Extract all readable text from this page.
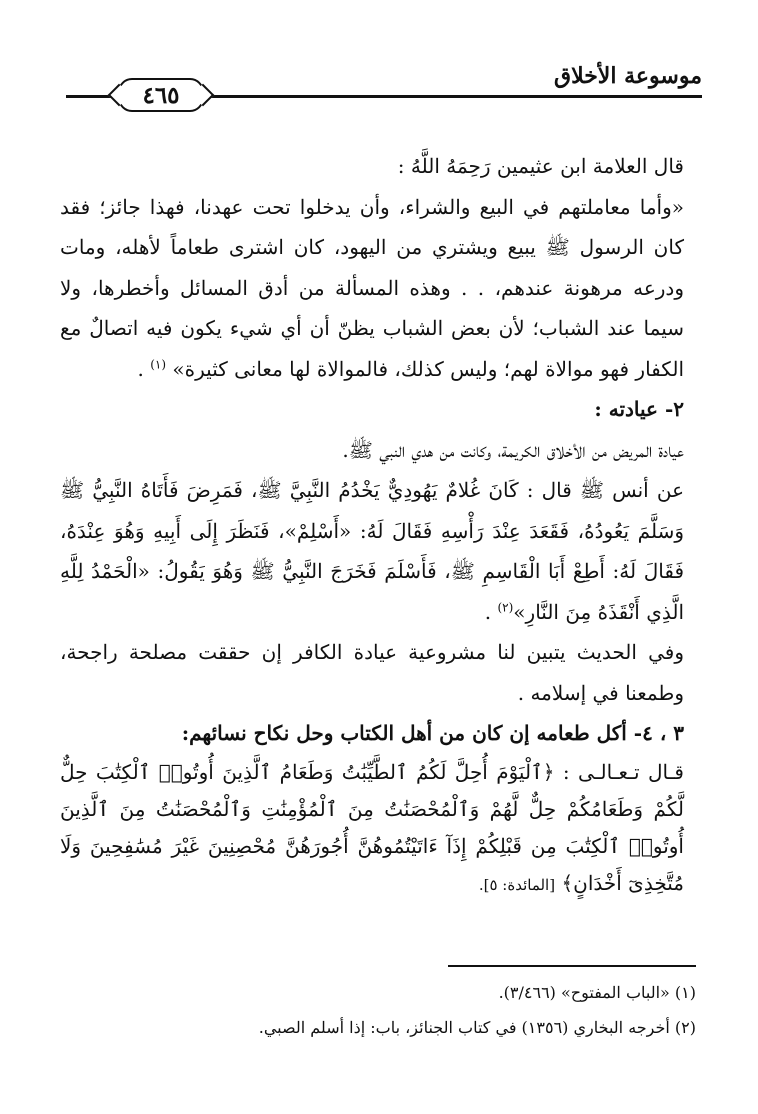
موسوعة الأخلاق
٤٦٥

قال العلامة ابن عثيمين رَحِمَهُ اللَّهُ :

«وأما معاملتهم في البيع والشراء، وأن يدخلوا تحت عهدنا، فهذا جائز؛ فقد كان الرسول ﷺ يبيع ويشتري من اليهود، كان اشترى طعاماً لأهله، ومات ودرعه مرهونة عندهم، . . وهذه المسألة من أدق المسائل وأخطرها، ولا سيما عند الشباب؛ لأن بعض الشباب يظنّ أن أي شيء يكون فيه اتصالٌ مع الكفار فهو موالاة لهم؛ وليس كذلك، فالموالاة لها معانى كثيرة» $^{(١)}$ .

٢- عيادته :

عيادة المريض من الأخلاق الكريمة، وكانت من هدي النبي ﷺ.

عن أنس ﷺ قال : كَانَ غُلامٌ يَهُودِيٌّ يَخْدُمُ النَّبِيَّ ﷺ، فَمَرِضَ فَأَتَاهُ النَّبِيُّ ﷺ وَسَلَّمَ يَعُودُهُ، فَقَعَدَ عِنْدَ رَأْسِهِ فَقَالَ لَهُ: «أَسْلِمْ»، فَنَظَرَ إِلَى أَبِيهِ وَهُوَ عِنْدَهُ، فَقَالَ لَهُ: أَطِعْ أَبَا الْقَاسِمِ ﷺ، فَأَسْلَمَ فَخَرَجَ النَّبِيُّ ﷺ وَهُوَ يَقُولُ: «الْحَمْدُ لِلَّهِ الَّذِي أَنْقَذَهُ مِنَ النَّارِ»$^{(٢)}$ .

وفي الحديث يتبين لنا مشروعية عيادة الكافر إن حققت مصلحة راجحة، وطمعنا في إسلامه .

٣ ، ٤- أكل طعامه إن كان من أهل الكتاب وحل نكاح نسائهم:

قـال تـعـالـى : ﴿ٱلْيَوْمَ أُحِلَّ لَكُمُ ٱلطَّيِّبَٰتُ وَطَعَامُ ٱلَّذِينَ أُوتُوا۟ ٱلْكِتَٰبَ حِلٌّ لَّكُمْ وَطَعَامُكُمْ حِلٌّ لَّهُمْ وَٱلْمُحْصَنَٰتُ مِنَ ٱلْمُؤْمِنَٰتِ وَٱلْمُحْصَنَٰتُ مِنَ ٱلَّذِينَ أُوتُوا۟ ٱلْكِتَٰبَ مِن قَبْلِكُمْ إِذَآ ءَاتَيْتُمُوهُنَّ أُجُورَهُنَّ مُحْصِنِينَ غَيْرَ مُسَٰفِحِينَ وَلَا مُتَّخِذِىٓ أَخْدَانٍ﴾ [المائدة: ٥].

(١) «الباب المفتوح» (٣/٤٦٦).

(٢) أخرجه البخاري (١٣٥٦) في كتاب الجنائز، باب: إذا أسلم الصبي.
